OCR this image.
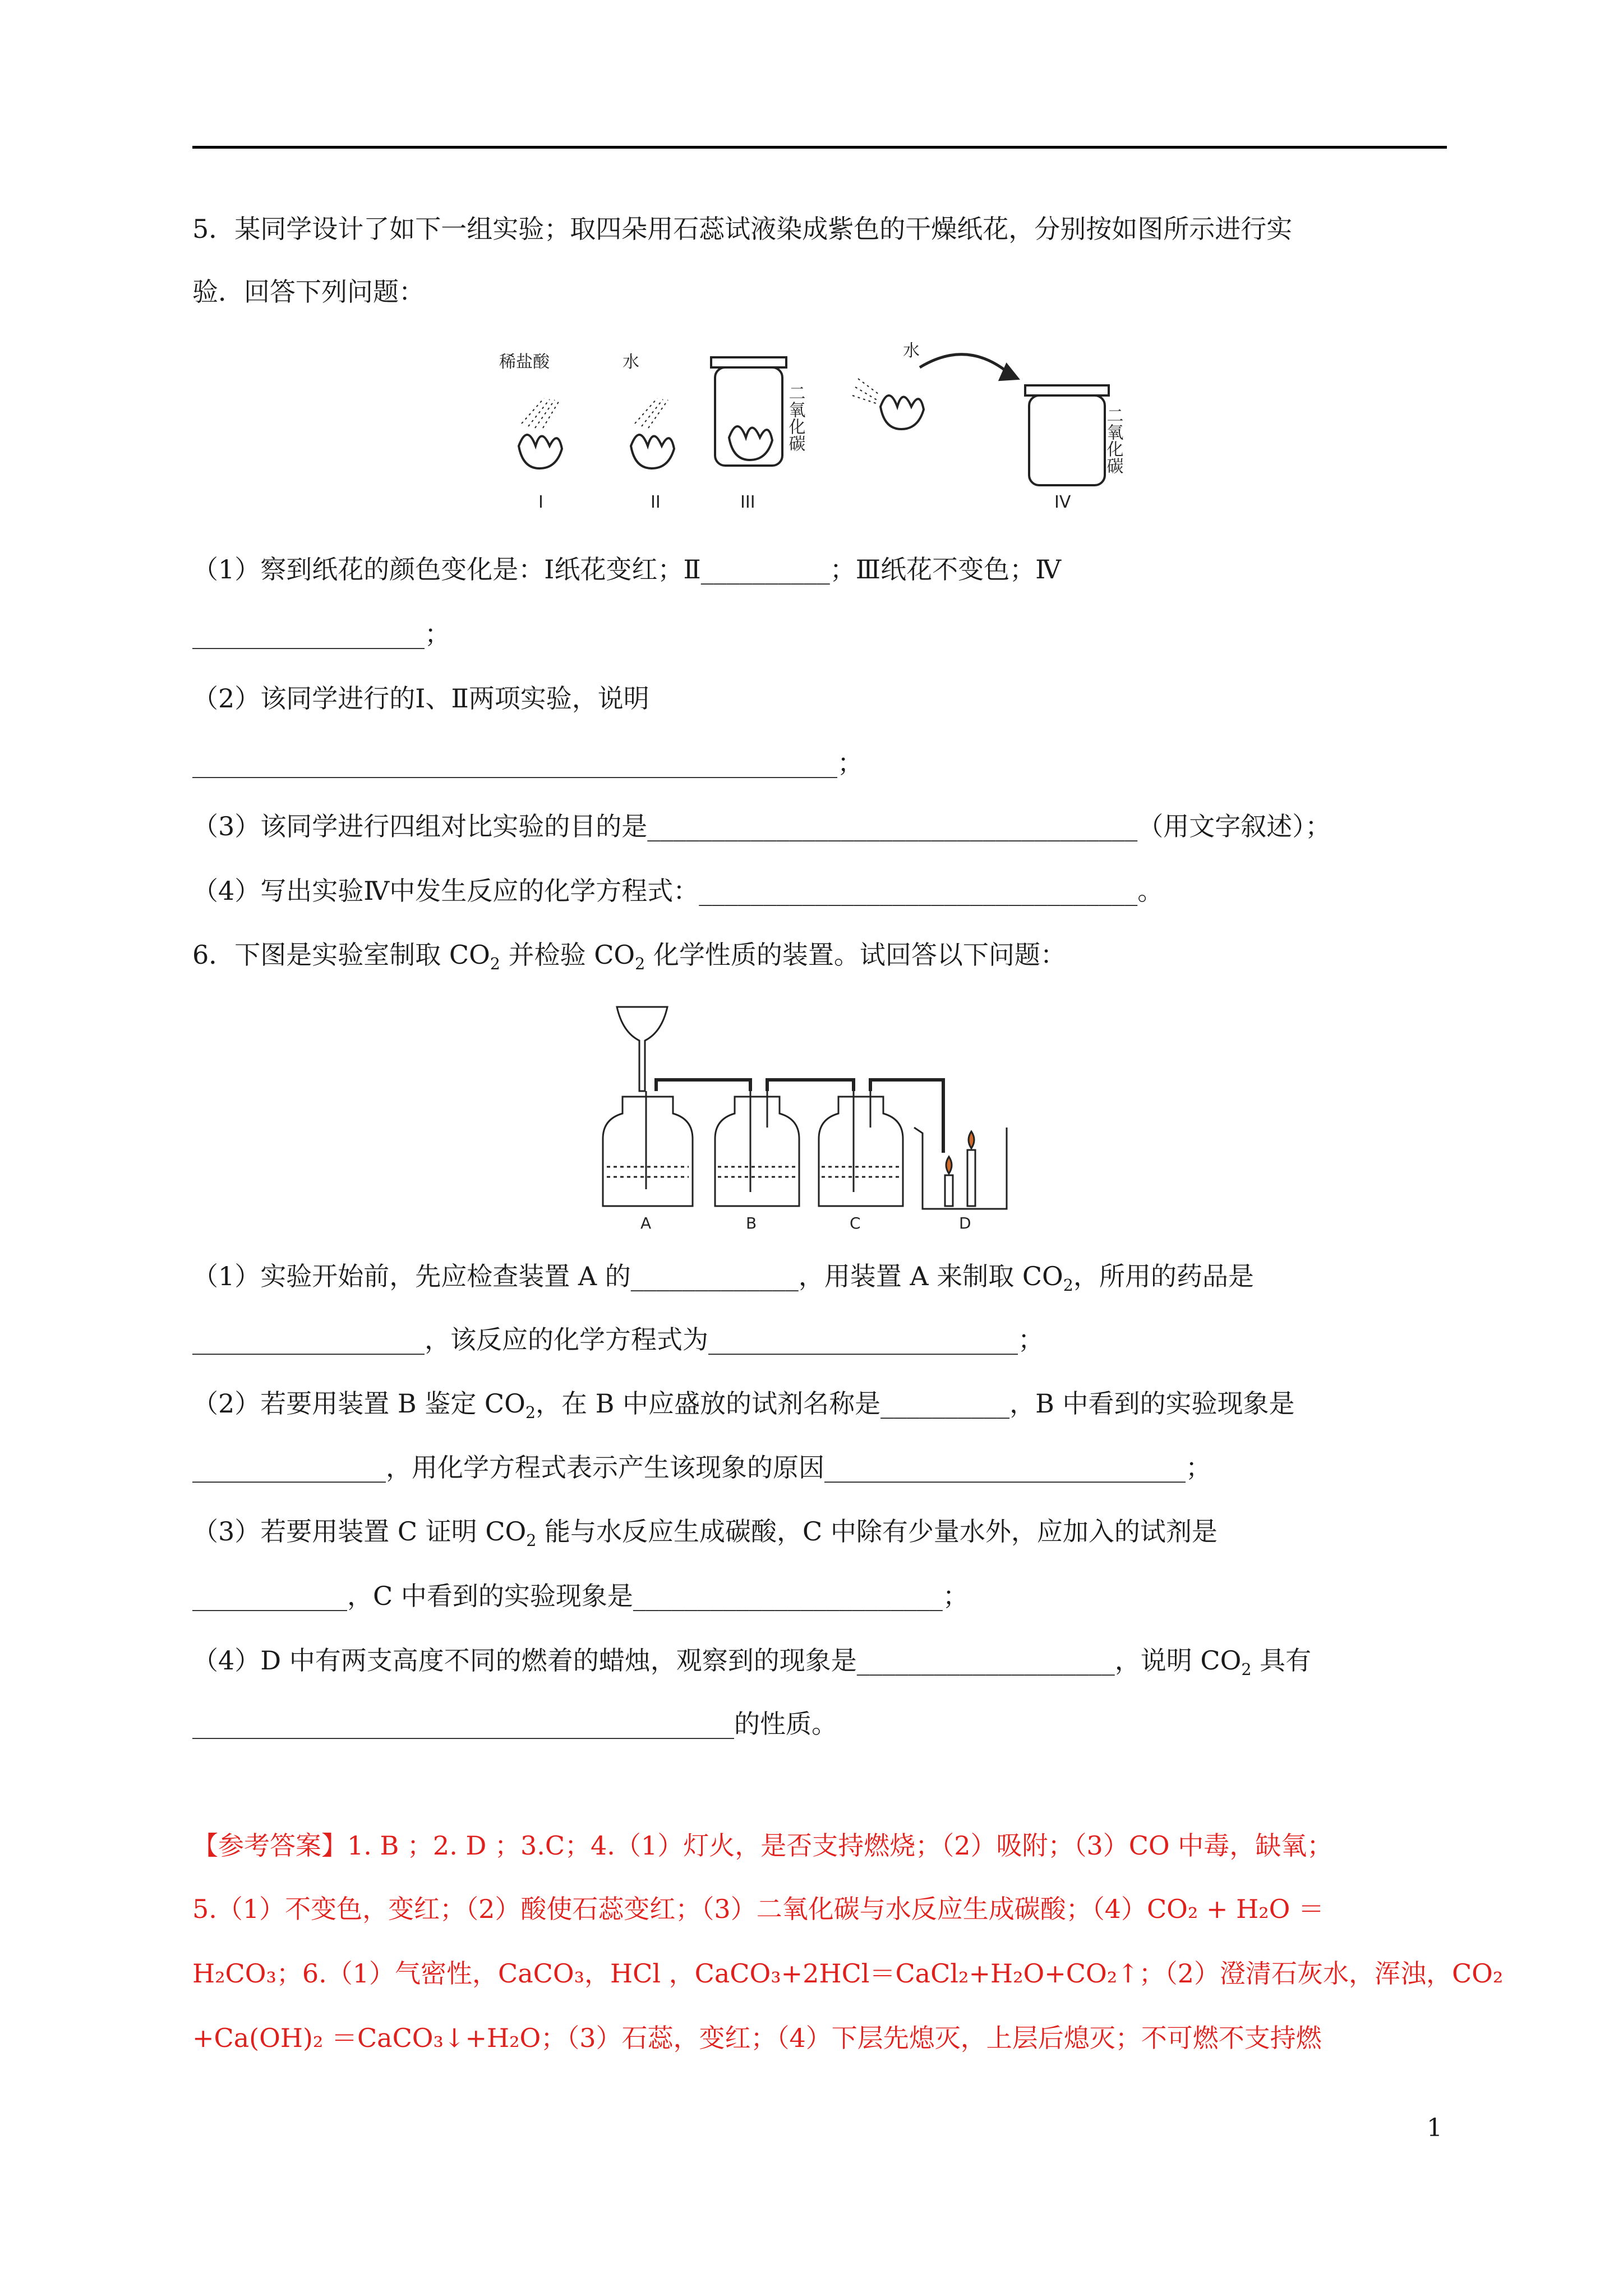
5．某同学设计了如下一组实验；取四朵用石蕊试液染成紫色的干燥纸花，分别按如图所示进行实
验．回答下列问题：
稀盐酸	水
水
二氧化碳	二氧化碳
I	II	III	IV
（1）察到纸花的颜色变化是：Ⅰ纸花变红；Ⅱ__________；Ⅲ纸花不变色；Ⅳ
__________________；
（2）该同学进行的Ⅰ、Ⅱ两项实验，说明
__________________________________________________；
（3）该同学进行四组对比实验的目的是______________________________________（用文字叙述）；
（4）写出实验Ⅳ中发生反应的化学方程式：__________________________________。
6．下图是实验室制取 $CO_2$ 并检验 $CO_2$ 化学性质的装置。试回答以下问题：
A	B	C	D
（1）实验开始前，先应检查装置 A 的_____________，用装置 A 来制取 $CO_2$，所用的药品是
__________________，该反应的化学方程式为________________________；
（2）若要用装置 B 鉴定 $CO_2$，在 B 中应盛放的试剂名称是__________，B 中看到的实验现象是
_______________，用化学方程式表示产生该现象的原因____________________________；
（3）若要用装置 C 证明 $CO_2$ 能与水反应生成碳酸，C 中除有少量水外，应加入的试剂是
____________，C 中看到的实验现象是________________________；
（4）D 中有两支高度不同的燃着的蜡烛，观察到的现象是____________________，说明 $CO_2$ 具有
__________________________________________的性质。
【参考答案】1. B ；2. D ；3.C；4.（1）灯火，是否支持燃烧；（2）吸附；（3）CO 中毒，缺氧；
5.（1）不变色，变红；（2）酸使石蕊变红；（3）二氧化碳与水反应生成碳酸；（4）CO₂ + H₂O ＝
H₂CO₃；6.（1）气密性，CaCO₃，HCl ，CaCO₃+2HCl＝CaCl₂+H₂O+CO₂↑；（2）澄清石灰水，浑浊，CO₂
+Ca(OH)₂ ＝CaCO₃↓+H₂O；（3）石蕊，变红；（4）下层先熄灭，上层后熄灭；不可燃不支持燃
1
